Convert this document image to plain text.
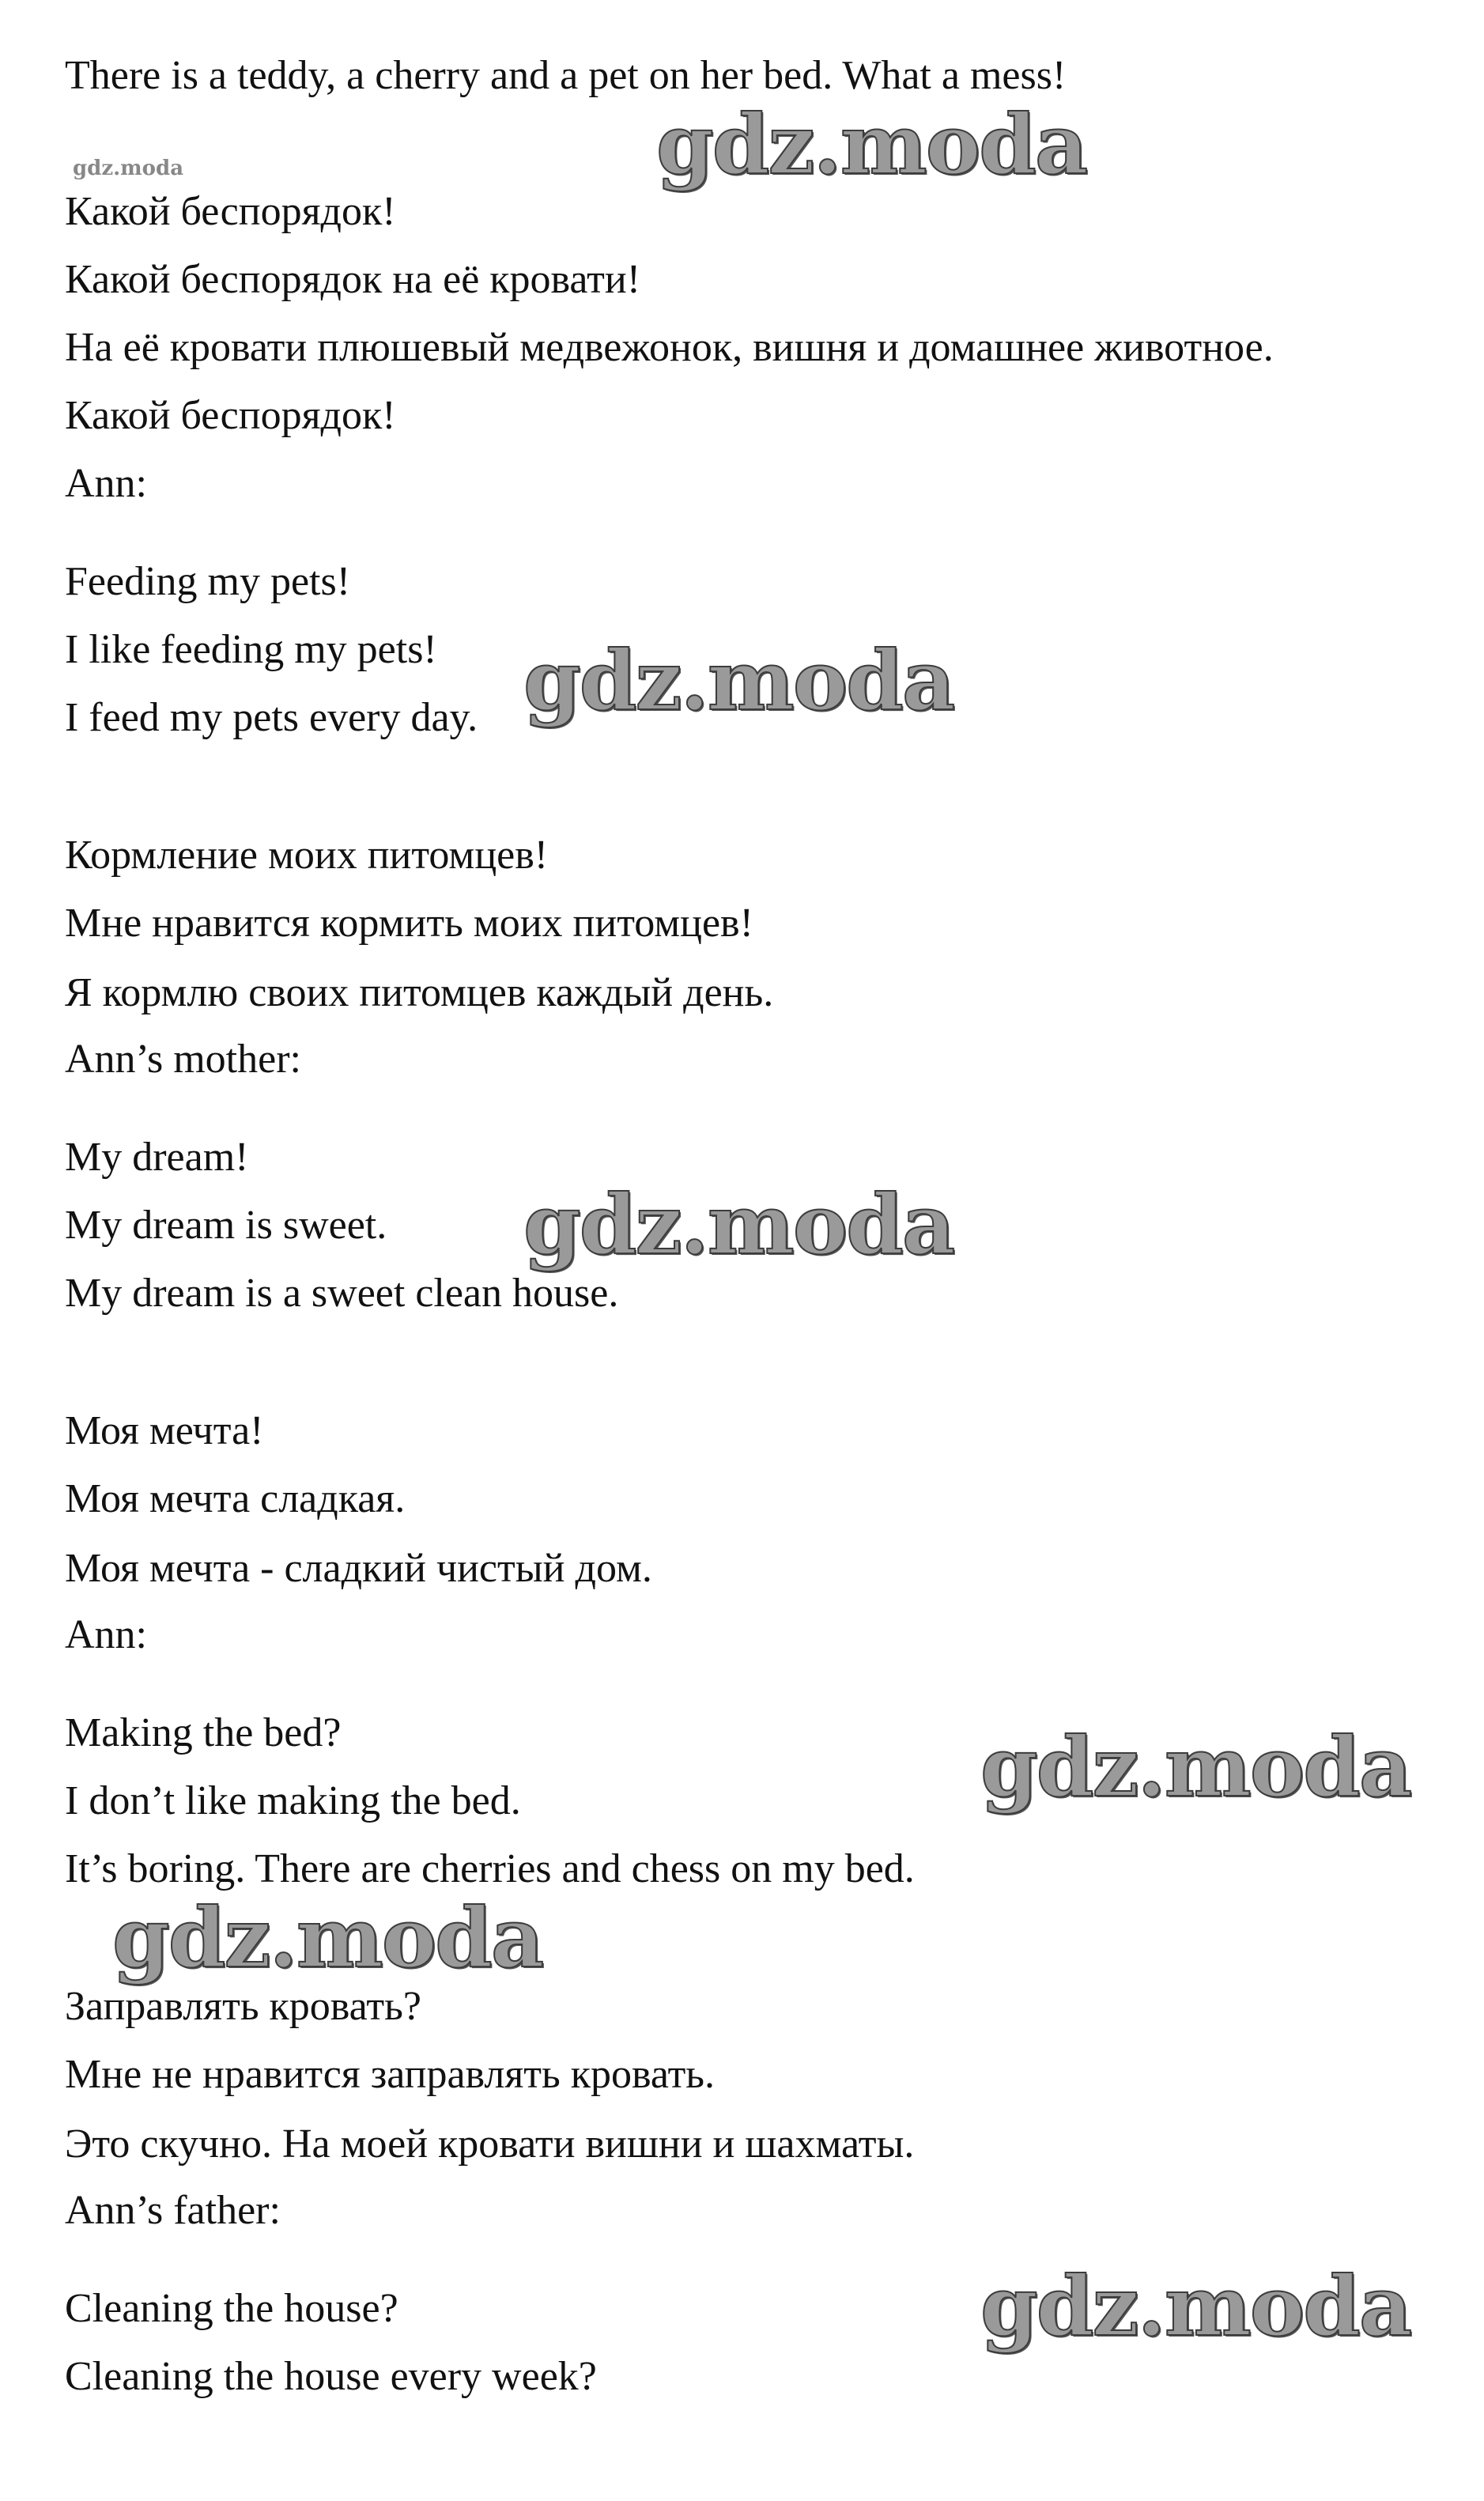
gdz.moda
There is a teddy, a cherry and a pet on her bed. What a mess!
Какой беспорядок!
Какой беспорядок на её кровати!
На её кровати плюшевый медвежонок, вишня и домашнее животное.
Какой беспорядок!
Ann:
Feeding my pets!
I like feeding my pets!
I feed my pets every day.
Кормление моих питомцев!
Мне нравится кормить моих питомцев!
Я кормлю своих питомцев каждый день.
Ann’s mother:
My dream!
My dream is sweet.
My dream is a sweet clean house.
Моя мечта!
Моя мечта сладкая.
Моя мечта - сладкий чистый дом.
Ann:
Making the bed?
I don’t like making the bed.
It’s boring. There are cherries and chess on my bed.
Заправлять кровать?
Мне не нравится заправлять кровать.
Это скучно. На моей кровати вишни и шахматы.
Ann’s father:
Cleaning the house?
Cleaning the house every week?
gdz.moda
gdz.moda
gdz.moda
gdz.moda
gdz.moda
gdz.moda
